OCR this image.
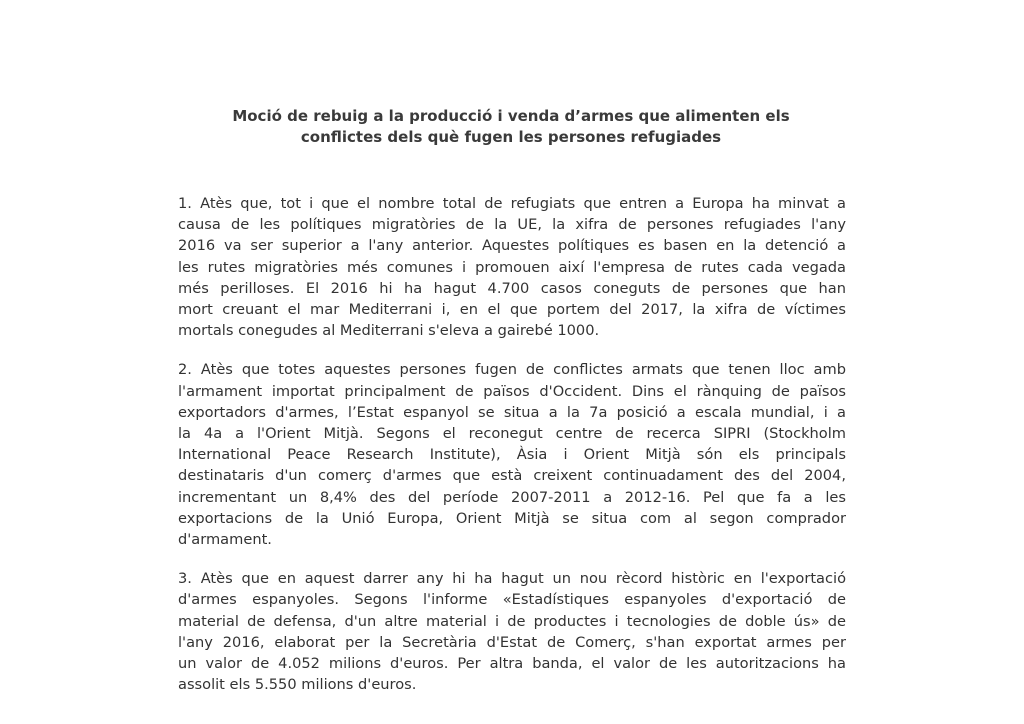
Moció de rebuig a la producció i venda d’armes que alimenten els
conflictes dels què fugen les persones refugiades

1. Atès que, tot i que el nombre total de refugiats que entren a Europa ha minvat a
causa de les polítiques migratòries de la UE, la xifra de persones refugiades l'any
2016 va ser superior a l'any anterior. Aquestes polítiques es basen en la detenció a
les rutes migratòries més comunes i promouen així l'empresa de rutes cada vegada
més perilloses. El 2016 hi ha hagut 4.700 casos coneguts de persones que han
mort creuant el mar Mediterrani i, en el que portem del 2017, la xifra de víctimes
mortals conegudes al Mediterrani s'eleva a gairebé 1000.

2. Atès que totes aquestes persones fugen de conflictes armats que tenen lloc amb
l'armament importat principalment de països d'Occident. Dins el rànquing de països
exportadors d'armes, l’Estat espanyol se situa a la 7a posició a escala mundial, i a
la 4a a l'Orient Mitjà. Segons el reconegut centre de recerca SIPRI (Stockholm
International Peace Research Institute), Àsia i Orient Mitjà són els principals
destinataris d'un comerç d'armes que està creixent continuadament des del 2004,
incrementant un 8,4% des del període 2007-2011 a 2012-16. Pel que fa a les
exportacions de la Unió Europa, Orient Mitjà se situa com al segon comprador
d'armament.

3. Atès que en aquest darrer any hi ha hagut un nou rècord històric en l'exportació
d'armes espanyoles. Segons l'informe «Estadístiques espanyoles d'exportació de
material de defensa, d'un altre material i de productes i tecnologies de doble ús» de
l'any 2016, elaborat per la Secretària d'Estat de Comerç, s'han exportat armes per
un valor de 4.052 milions d'euros. Per altra banda, el valor de les autoritzacions ha
assolit els 5.550 milions d'euros.
